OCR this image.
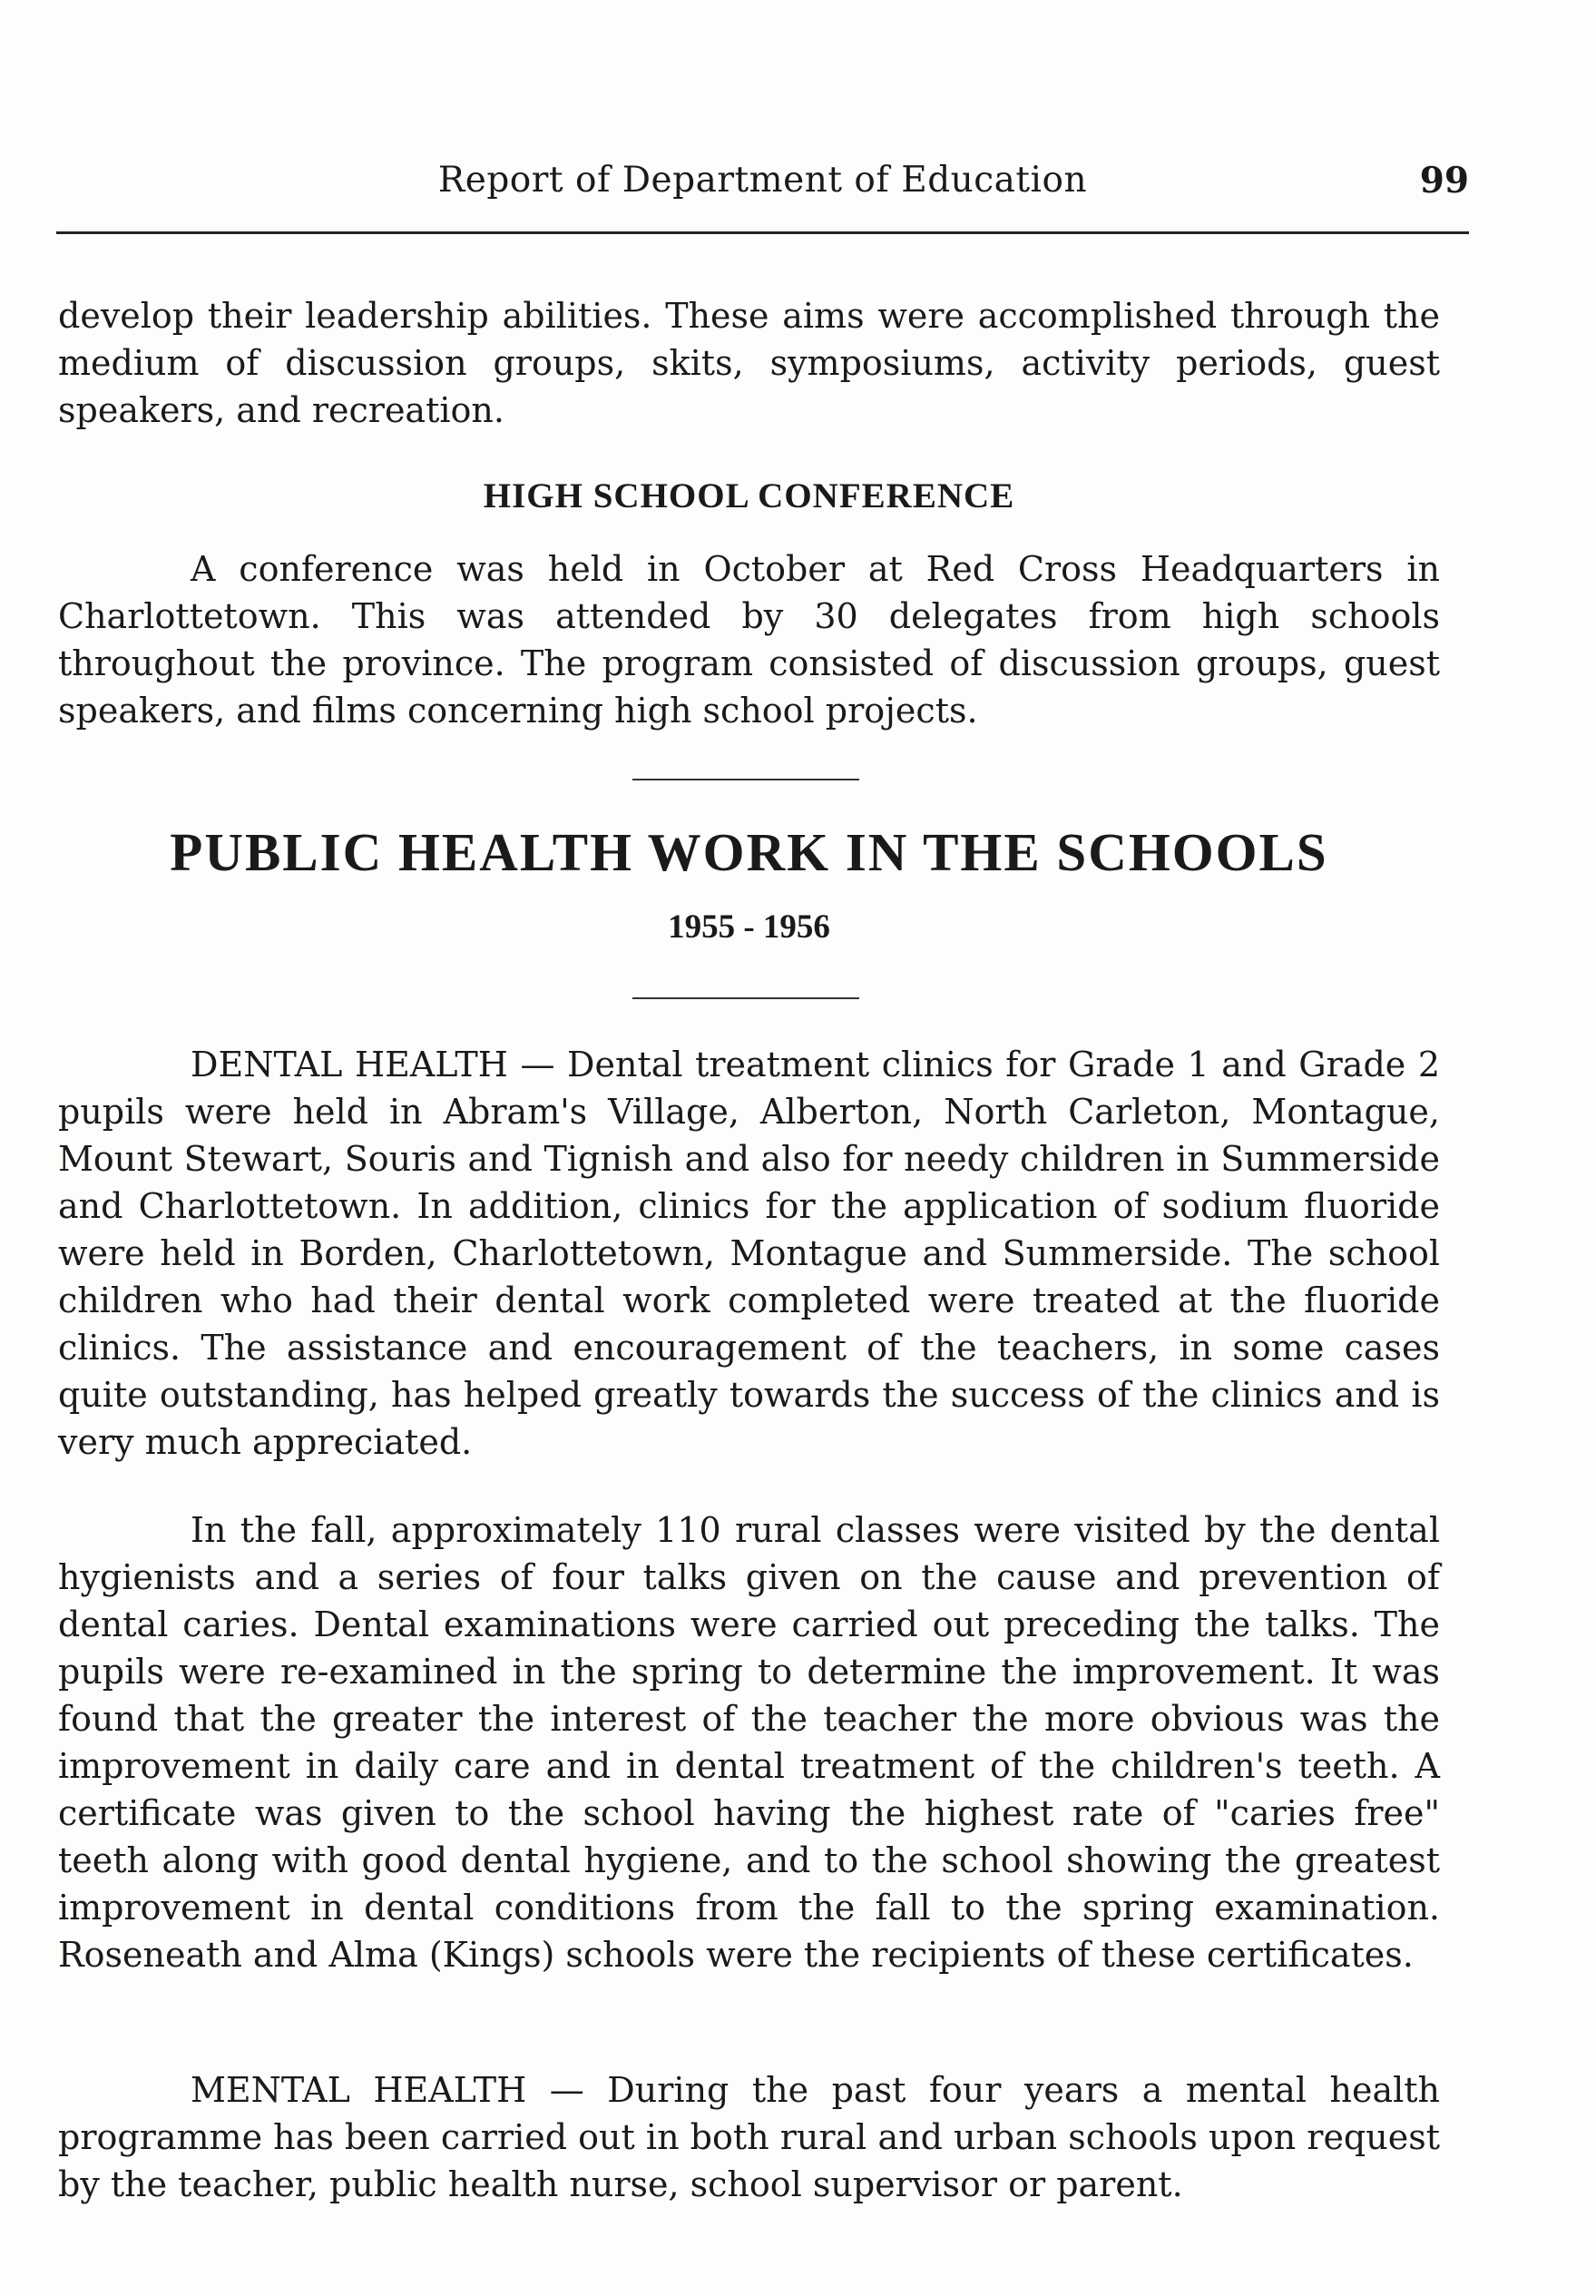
Report of Department of Education	99

develop their leadership abilities. These aims were accomplished through the medium of discussion groups, skits, symposiums, activity periods, guest speakers, and recreation.

HIGH SCHOOL CONFERENCE

A conference was held in October at Red Cross Headquarters in Charlottetown. This was attended by 30 delegates from high schools throughout the province. The program consisted of discussion groups, guest speakers, and films concerning high school projects.

PUBLIC HEALTH WORK IN THE SCHOOLS
1955 - 1956

DENTAL HEALTH — Dental treatment clinics for Grade 1 and Grade 2 pupils were held in Abram's Village, Alberton, North Carleton, Montague, Mount Stewart, Souris and Tignish and also for needy children in Summerside and Charlottetown. In addition, clinics for the application of sodium fluoride were held in Borden, Charlottetown, Montague and Summerside. The school children who had their dental work completed were treated at the fluoride clinics. The assistance and encouragement of the teachers, in some cases quite outstanding, has helped greatly towards the success of the clinics and is very much appreciated.

In the fall, approximately 110 rural classes were visited by the dental hygienists and a series of four talks given on the cause and prevention of dental caries. Dental examinations were carried out preceding the talks. The pupils were re-examined in the spring to determine the improvement. It was found that the greater the interest of the teacher the more obvious was the improvement in daily care and in dental treatment of the children's teeth. A certificate was given to the school having the highest rate of "caries free" teeth along with good dental hygiene, and to the school showing the greatest improvement in dental conditions from the fall to the spring examination. Roseneath and Alma (Kings) schools were the recipients of these certificates.

MENTAL HEALTH — During the past four years a mental health programme has been carried out in both rural and urban schools upon request by the teacher, public health nurse, school supervisor or parent.
